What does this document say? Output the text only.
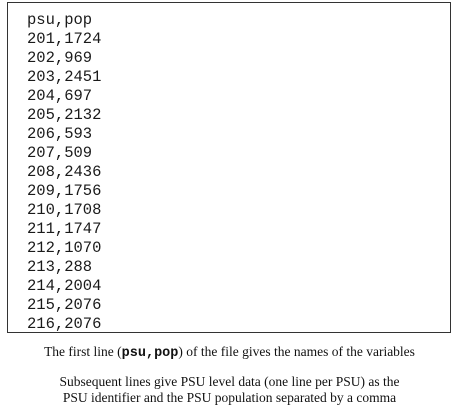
psu,pop
201,1724
202,969
203,2451
204,697
205,2132
206,593
207,509
208,2436
209,1756
210,1708
211,1747
212,1070
213,288
214,2004
215,2076
216,2076
The first line (psu,pop) of the file gives the names of the variables
Subsequent lines give PSU level data (one line per PSU) as the
PSU identifier and the PSU population separated by a comma
